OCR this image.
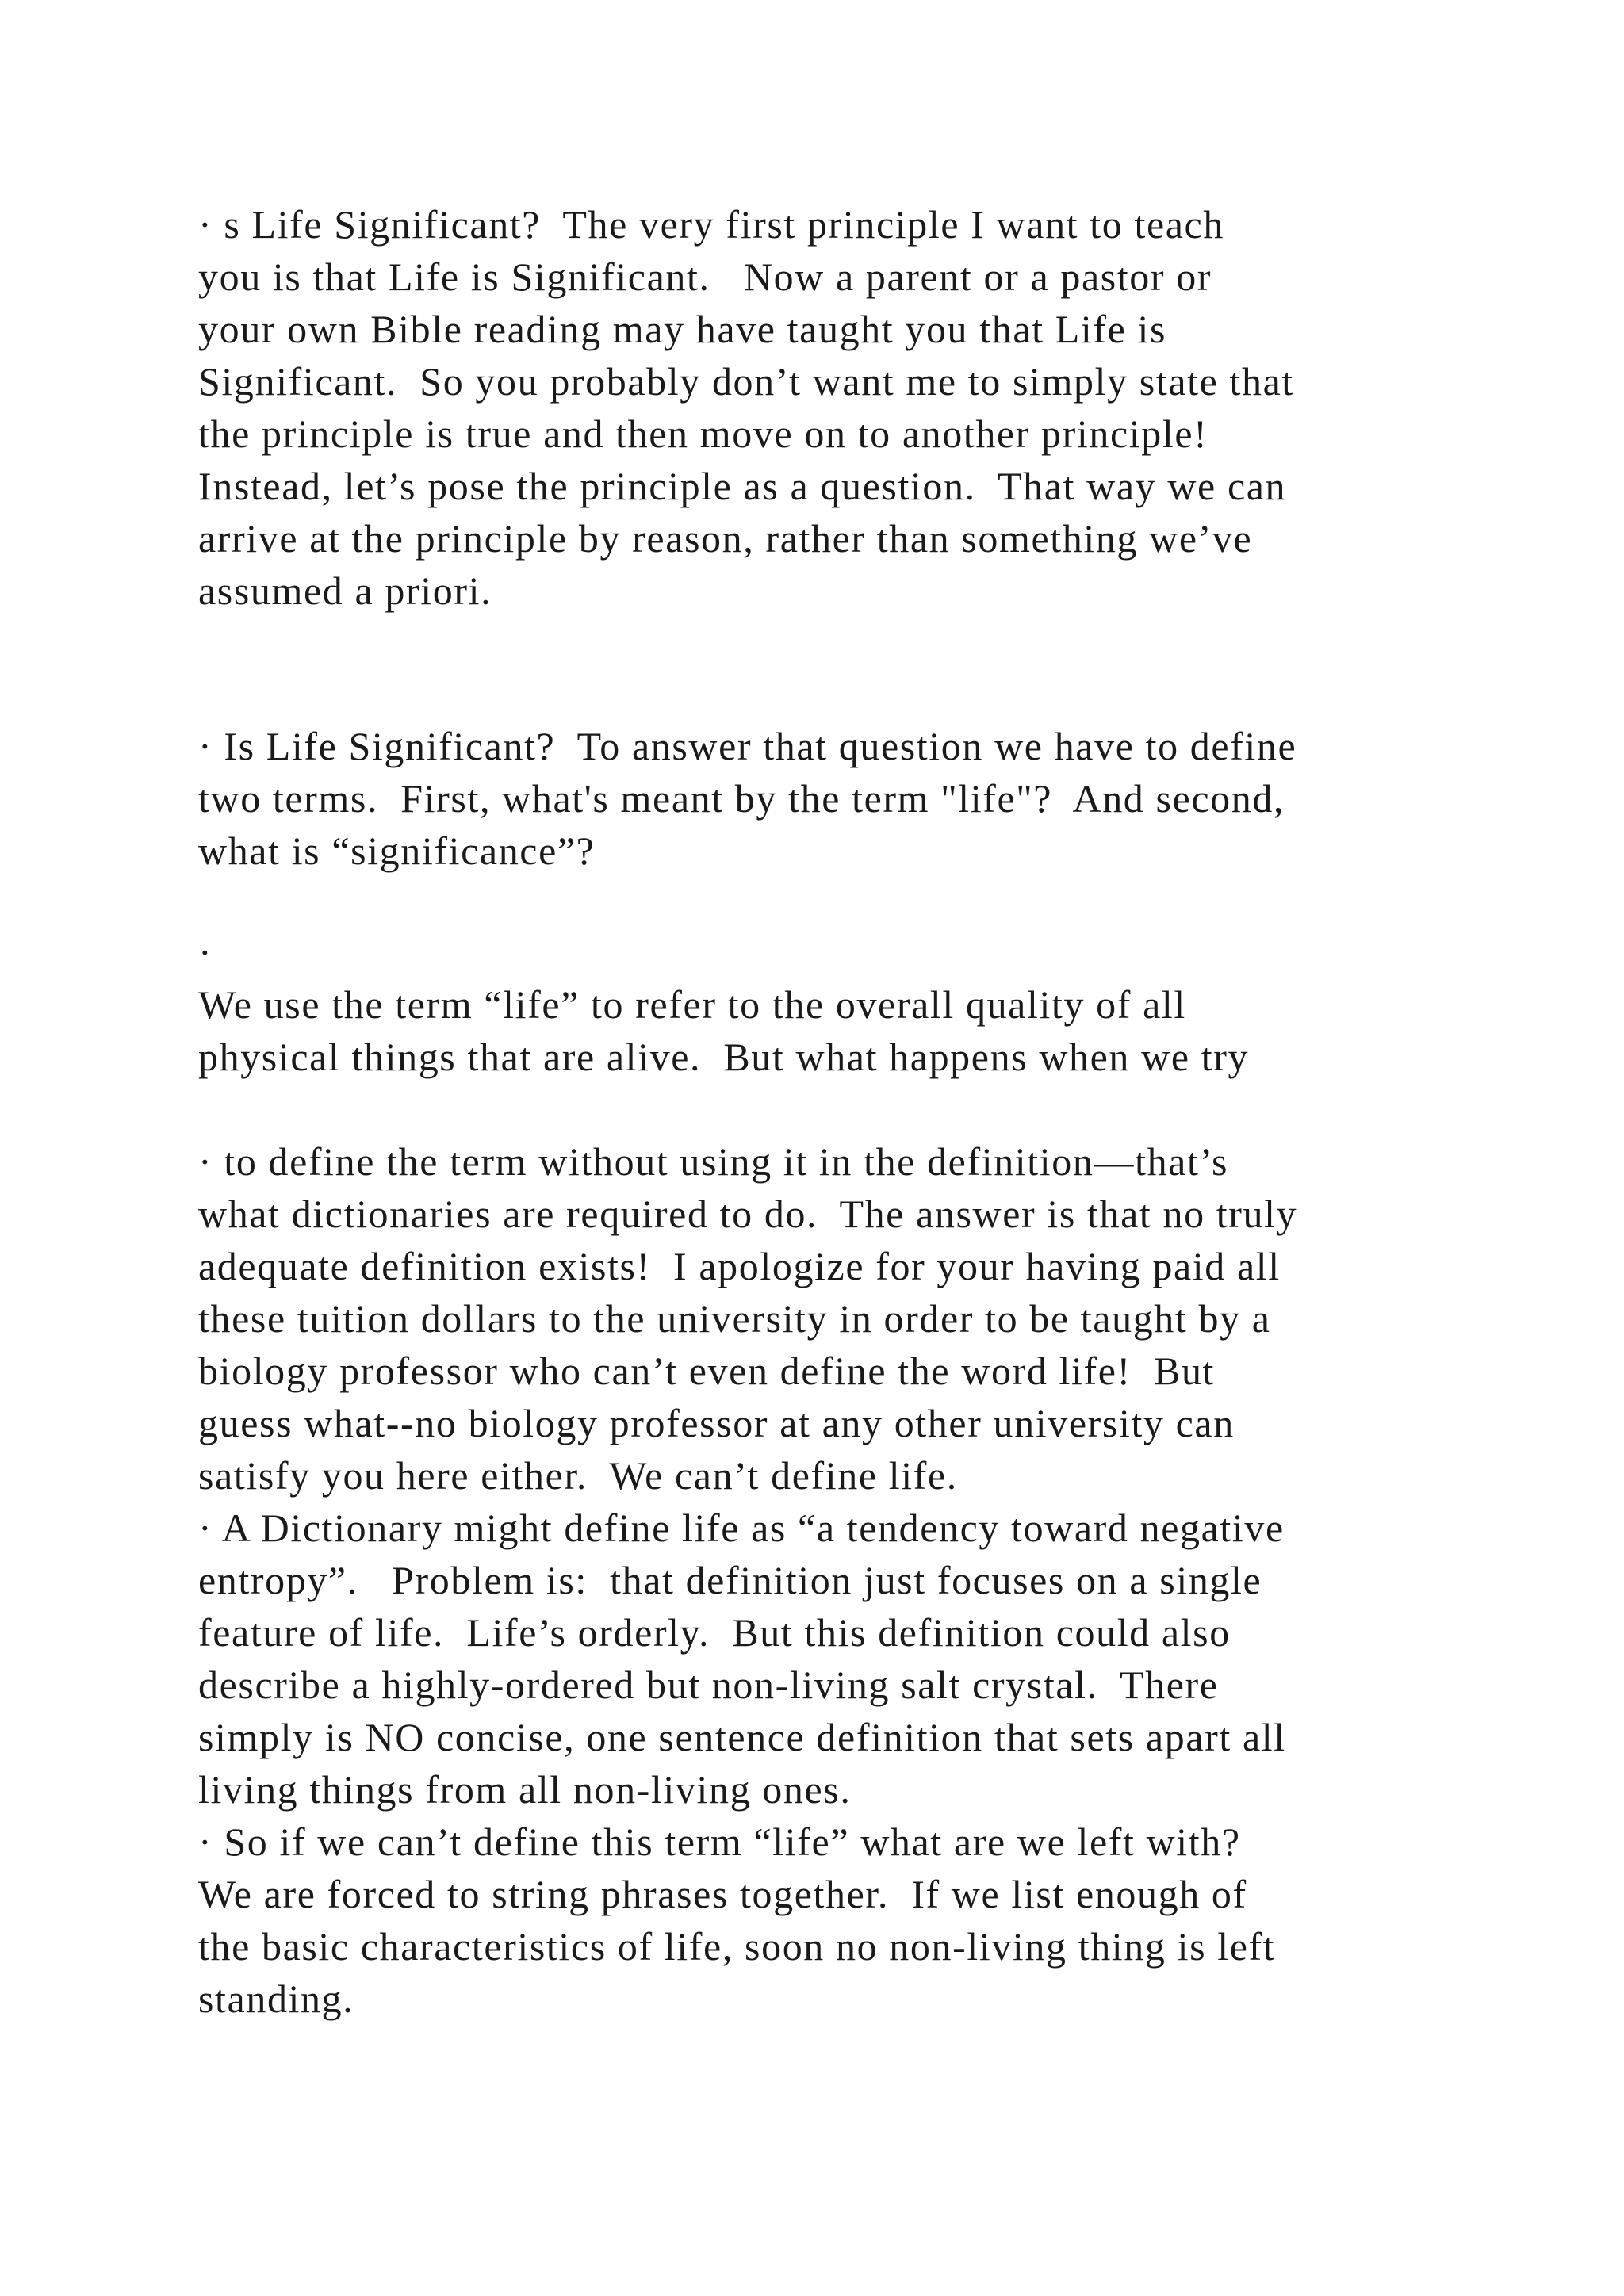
· s Life Significant?  The very first principle I want to teach
you is that Life is Significant.   Now a parent or a pastor or
your own Bible reading may have taught you that Life is
Significant.  So you probably don’t want me to simply state that
the principle is true and then move on to another principle!
Instead, let’s pose the principle as a question.  That way we can
arrive at the principle by reason, rather than something we’ve
assumed a priori.
· Is Life Significant?  To answer that question we have to define
two terms.  First, what's meant by the term "life"?  And second,
what is “significance”?
·
We use the term “life” to refer to the overall quality of all
physical things that are alive.  But what happens when we try
· to define the term without using it in the definition—that’s
what dictionaries are required to do.  The answer is that no truly
adequate definition exists!  I apologize for your having paid all
these tuition dollars to the university in order to be taught by a
biology professor who can’t even define the word life!  But
guess what--no biology professor at any other university can
satisfy you here either.  We can’t define life.
· A Dictionary might define life as “a tendency toward negative
entropy”.   Problem is:  that definition just focuses on a single
feature of life.  Life’s orderly.  But this definition could also
describe a highly-ordered but non-living salt crystal.  There
simply is NO concise, one sentence definition that sets apart all
living things from all non-living ones.
· So if we can’t define this term “life” what are we left with?
We are forced to string phrases together.  If we list enough of
the basic characteristics of life, soon no non-living thing is left
standing.
